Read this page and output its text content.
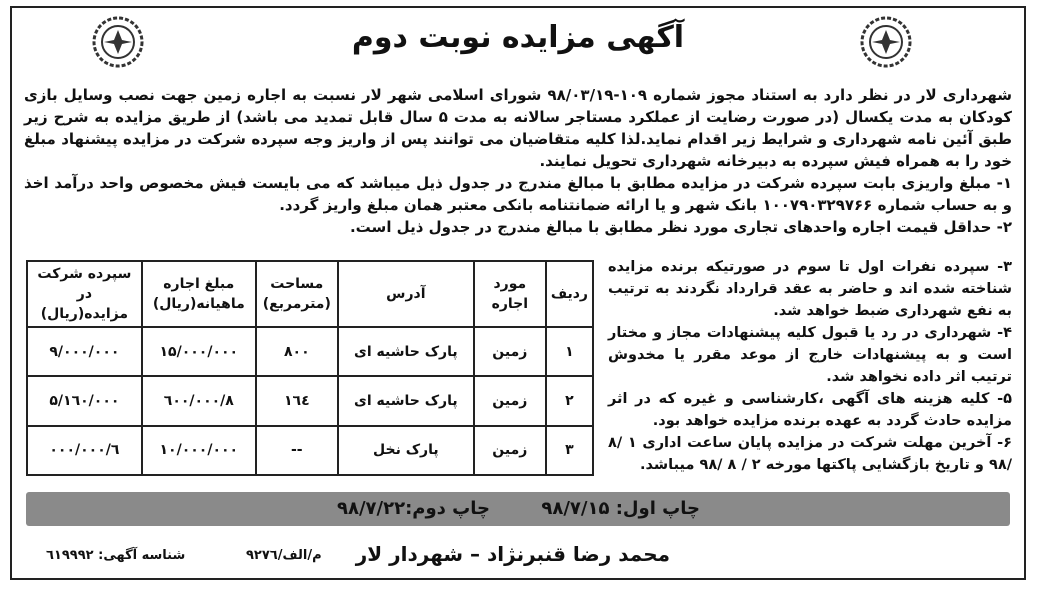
آگهی مزایده نوبت دوم

شهرداری لار در نظر دارد به استناد مجوز شماره ۱۰۹-۹۸/۰۳/۱۹ شورای اسلامی شهر لار نسبت به اجاره زمین جهت نصب وسایل بازی کودکان به مدت یکسال (در صورت رضایت از عملکرد مستاجر سالانه به مدت ۵ سال قابل تمدید می باشد) از طریق مزایده به شرح زیر طبق آئین نامه شهرداری و شرایط زیر اقدام نماید.لذا کلیه متقاضیان می توانند پس از واریز وجه سپرده شرکت در مزایده پیشنهاد مبلغ خود را به همراه فیش سپرده به دبیرخانه شهرداری تحویل نمایند.

۱- مبلغ واریزی بابت سپرده شرکت در مزایده مطابق با مبالغ مندرج در جدول ذیل میباشد که می بایست فیش مخصوص واحد درآمد اخذ و به حساب شماره ۱۰۰۷۹۰۳۲۹۷۶۶ بانک شهر و یا ارائه ضمانتنامه بانکی معتبر همان مبلغ واریز گردد.

۲- حداقل قیمت اجاره واحدهای تجاری مورد نظر مطابق با مبالغ مندرج در جدول ذیل است.

ردیف	مورد اجاره	آدرس	مساحت (مترمربع)	مبلغ اجاره ماهیانه(ریال)	سپرده شرکت در مزایده(ریال)
۱	زمین	پارک حاشیه ای	۸۰۰	۱۵/۰۰۰/۰۰۰	۹/۰۰۰/۰۰۰
۲	زمین	پارک حاشیه ای	۱٦٤	۸/٦۰۰/۰۰۰	۵/۱٦۰/۰۰۰
۳	زمین	پارک نخل	--	۱۰/۰۰۰/۰۰۰	٦/۰۰۰/۰۰۰

۳- سپرده نفرات اول تا سوم در صورتیکه برنده مزایده شناخته شده اند و حاضر به عقد قرارداد نگردند به ترتیب به نفع شهرداری ضبط خواهد شد.

۴- شهرداری در رد یا قبول کلیه پیشنهادات مجاز و مختار است و به پیشنهادات خارج از موعد مقرر یا مخدوش ترتیب اثر داده نخواهد شد.

۵- کلیه هزینه های آگهی ،کارشناسی و غیره که در اثر مزایده حادث گردد به عهده برنده مزایده خواهد بود.

۶- آخرین مهلت شرکت در مزایده پایان ساعت اداری ۱ /۸ /۹۸ و تاریخ بازگشایی پاکتها مورخه ۲ / ۸ /۹۸ میباشد.

چاپ اول: ۹۸/۷/۱۵
چاپ دوم:۹۸/۷/۲۲
محمد رضا قنبرنژاد – شهردار لار
م/الف/۹۲۷٦
شناسه آگهی: ٦۱۹۹۹۲
